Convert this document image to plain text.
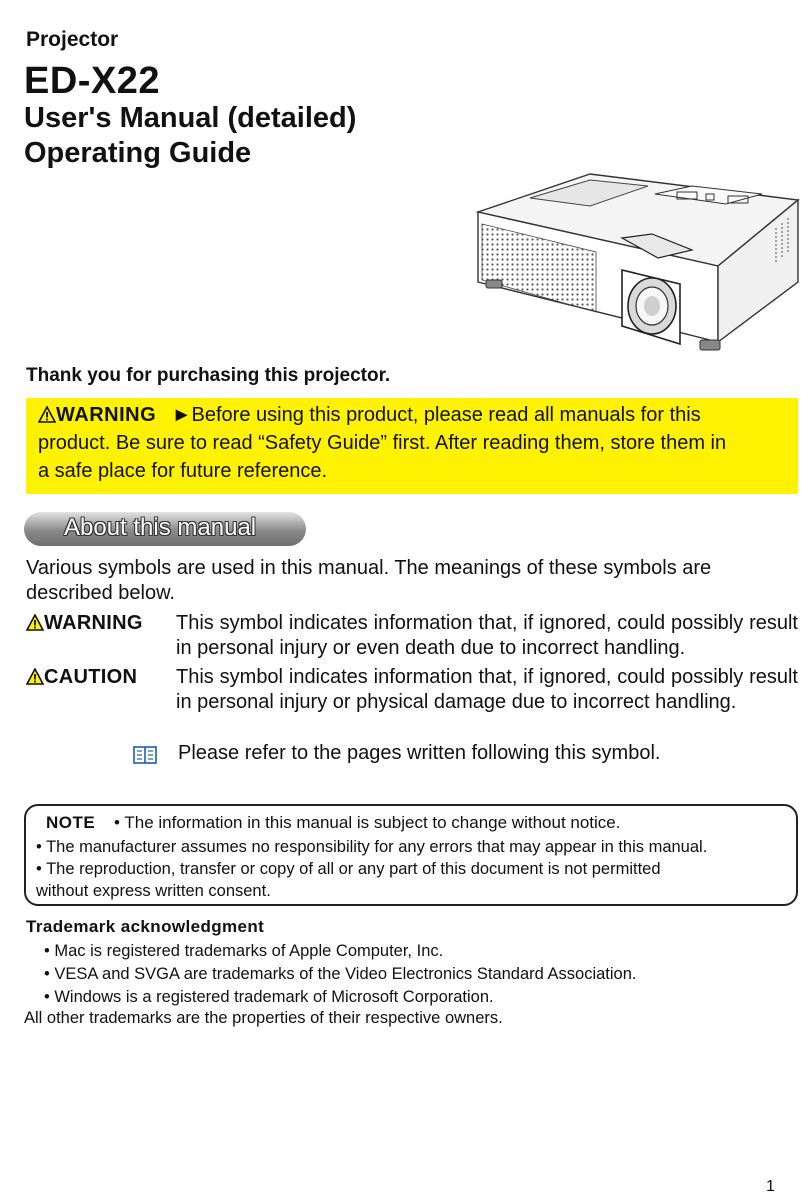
Projector
ED-X22
User's Manual (detailed)
Operating Guide
Thank you for purchasing this projector.
WARNING ►Before using this product, please read all manuals for this
product. Be sure to read “Safety Guide” first. After reading them, store them in
a safe place for future reference.
About this manual
Various symbols are used in this manual. The meanings of these symbols are described below.
WARNING This symbol indicates information that, if ignored, could possibly result in personal injury or even death due to incorrect handling.
CAUTION This symbol indicates information that, if ignored, could possibly result in personal injury or physical damage due to incorrect handling.
Please refer to the pages written following this symbol.
NOTE • The information in this manual is subject to change without notice.
• The manufacturer assumes no responsibility for any errors that may appear in this manual.
• The reproduction, transfer or copy of all or any part of this document is not permitted
without express written consent.
Trademark acknowledgment
• Mac is registered trademarks of Apple Computer, Inc.
• VESA and SVGA are trademarks of the Video Electronics Standard Association.
• Windows is a registered trademark of Microsoft Corporation.
All other trademarks are the properties of their respective owners.
1
